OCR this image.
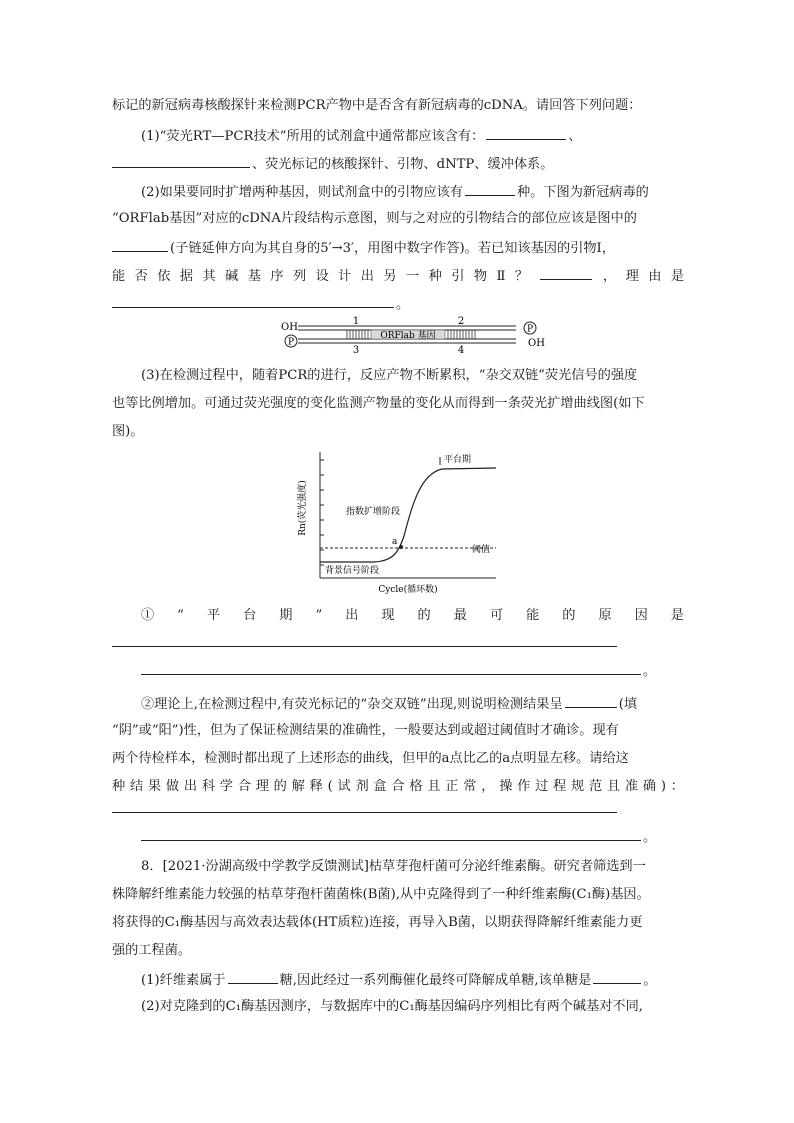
标记的新冠病毒核酸探针来检测PCR产物中是否含有新冠病毒的cDNA。请回答下列问题：
(1)“荧光RT—PCR技术”所用的试剂盒中通常都应该含有：	、
、荧光标记的核酸探针、引物、dNTP、缓冲体系。
(2)如果要同时扩增两种基因，则试剂盒中的引物应该有	种。下图为新冠病毒的
“ORFlab基因”对应的cDNA片段结构示意图，则与之对应的引物结合的部位应该是图中的
(子链延伸方向为其自身的5′→3′，用图中数字作答)。若已知该基因的引物Ⅰ，
能否依据其碱基序列设计出另一种引物Ⅱ？	，理由是
。
OH
ORFlab 基因
1	2
3	4
P
P	OH
(3)在检测过程中，随着PCR的进行，反应产物不断累积，“杂交双链”荧光信号的强度
也等比例增加。可通过荧光强度的变化监测产物量的变化从而得到一条荧光扩增曲线图(如下
图)。
Rn(荧光强度)
阈值
a
平台期
指数扩增阶段
背景信号阶段
Cycle(循环数)
①“平台期”出现的最可能的原因是
。
②理论上,在检测过程中,有荧光标记的“杂交双链”出现,则说明检测结果呈	(填
“阴”或“阳”)性，但为了保证检测结果的准确性，一般要达到或超过阈值时才确诊。现有
两个待检样本，检测时都出现了上述形态的曲线，但甲的a点比乙的a点明显左移。请给这
种结果做出科学合理的解释(试剂盒合格且正常，操作过程规范且准确)：
。
8．[2021·汾湖高级中学教学反馈测试]枯草芽孢杆菌可分泌纤维素酶。研究者筛选到一
株降解纤维素能力较强的枯草芽孢杆菌菌株(B菌),从中克隆得到了一种纤维素酶(C₁酶)基因。
将获得的C₁酶基因与高效表达载体(HT质粒)连接，再导入B菌，以期获得降解纤维素能力更
强的工程菌。
(1)纤维素属于	糖,因此经过一系列酶催化最终可降解成单糖,该单糖是	。
(2)对克隆到的C₁酶基因测序，与数据库中的C₁酶基因编码序列相比有两个碱基对不同,
